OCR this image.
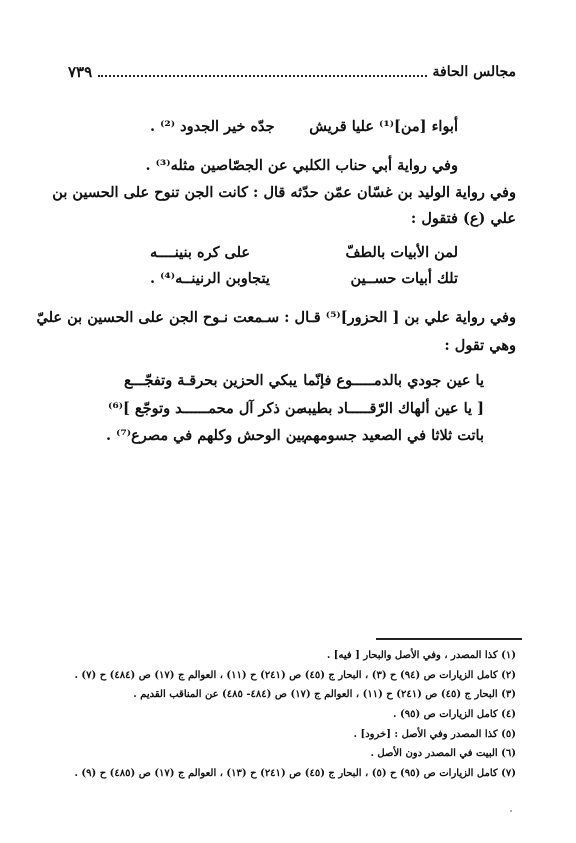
مجالس الحافة
٧٣٩
أبواء [من]⁽¹⁾ عليا قريش
جدّه خير الجدود ⁽²⁾ .
وفي رواية أبي حناب الكلبي عن الجصّاصين مثله⁽³⁾ .
وفي رواية الوليد بن غسّان عمّن حدّثه قال : كانت الجن تنوح على الحسين بن
علي (ع) فتقول :
لمن الأبيات بالطفّ
على كره بنينــــه
تلك أبيات حســين
يتجاوبن الرنينــه⁽⁴⁾ .
وفي رواية علي بن [ الحزور]⁽⁵⁾ قـال : سـمعت نـوح الجن على الحسين بن عليّ
وهي تقول :
يا عين جودي بالدمـــــوع فإنّما
يبكي الحزين بحرقـة وتفجّـــع
[ يا عين ألهاك الرّقـــــاد بطيبه
من ذكر آل محمــــــد وتوجّع ]⁽⁶⁾
باتت ثلاثا في الصعيد جسومهم
بين الوحش وكلهم في مصرع⁽⁷⁾ .
(١) كذا المصدر ، وفي الأصل والبحار [ فيه] .
(٢) كامل الزيارات ص (٩٤) ح (٣) ، البحار ج (٤٥) ص (٢٤١) ح (١١) ، العوالم ج (١٧) ص (٤٨٤) ح (٧) .
(٣) البحار ج (٤٥) ص (٢٤١) ح (١١) ، العوالم ج (١٧) ص (٤٨٤- ٤٨٥) عن المناقب القديم .
(٤) كامل الزيارات ص (٩٥) .
(٥) كذا المصدر وفي الأصل : [خرود] .
(٦) البيت في المصدر دون الأصل .
(٧) كامل الزيارات ص (٩٥) ح (٥) ، البحار ج (٤٥) ص (٢٤١) ح (١٣) ، العوالم ج (١٧) ص (٤٨٥) ح (٩) .
